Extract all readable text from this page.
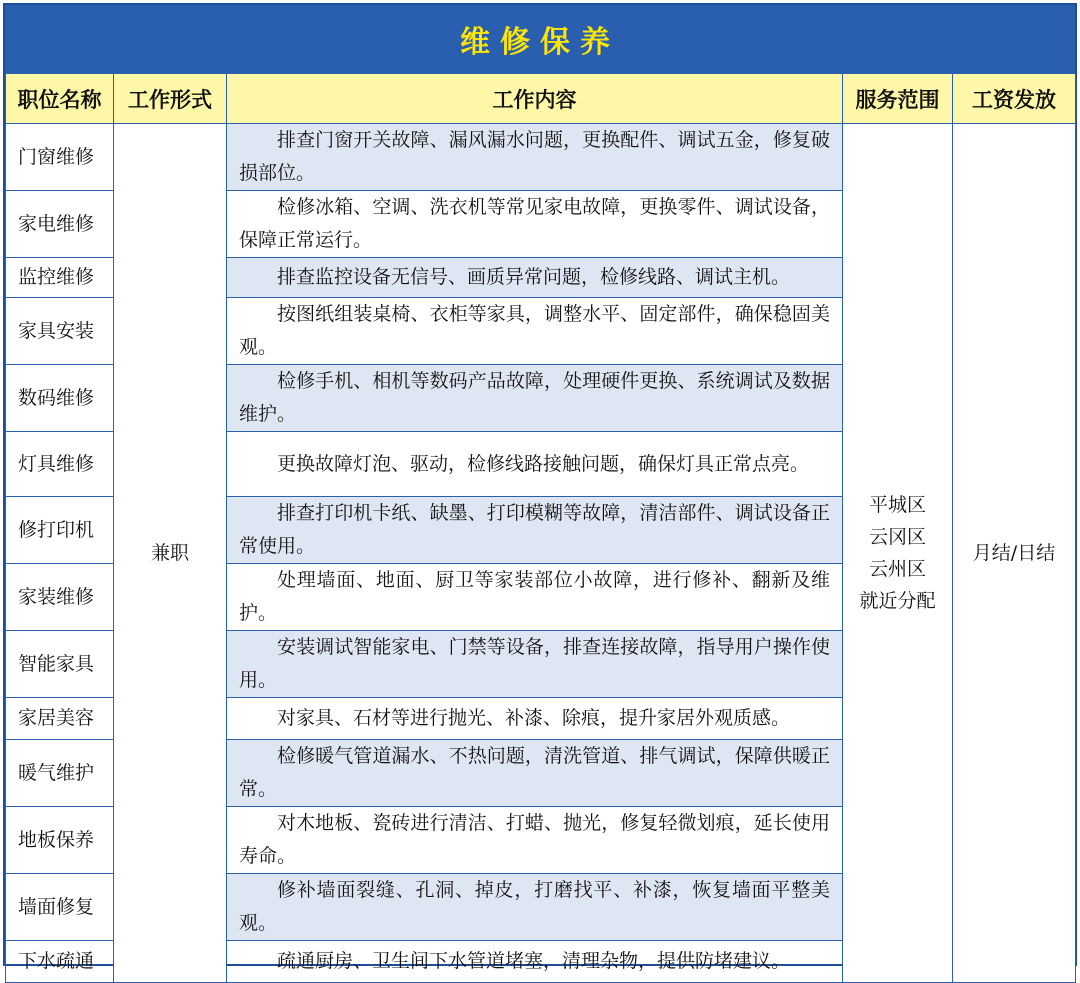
维修保养
职位名称	工作形式	工作内容	服务范围	工资发放
门窗维修	兼职	排查门窗开关故障、漏风漏水问题，更换配件、调试五金，修复破损部位。	平城区
云冈区
云州区
就近分配	月结/日结
家电维修		检修冰箱、空调、洗衣机等常见家电故障，更换零件、调试设备，保障正常运行。		

监控维修		排查监控设备无信号、画质异常问题，检修线路、调试主机。		

家具安装		按图纸组装桌椅、衣柜等家具，调整水平、固定部件，确保稳固美观。		

数码维修		检修手机、相机等数码产品故障，处理硬件更换、系统调试及数据维护。		

灯具维修		更换故障灯泡、驱动，检修线路接触问题，确保灯具正常点亮。		

修打印机		排查打印机卡纸、缺墨、打印模糊等故障，清洁部件、调试设备正常使用。		

家装维修		处理墙面、地面、厨卫等家装部位小故障，进行修补、翻新及维护。		

智能家具		安装调试智能家电、门禁等设备，排查连接故障，指导用户操作使用。		

家居美容		对家具、石材等进行抛光、补漆、除痕，提升家居外观质感。		

暖气维护		检修暖气管道漏水、不热问题，清洗管道、排气调试，保障供暖正常。		

地板保养		对木地板、瓷砖进行清洁、打蜡、抛光，修复轻微划痕，延长使用寿命。		

墙面修复		修补墙面裂缝、孔洞、掉皮，打磨找平、补漆，恢复墙面平整美观。		

下水疏通		疏通厨房、卫生间下水管道堵塞，清理杂物，提供防堵建议。		
